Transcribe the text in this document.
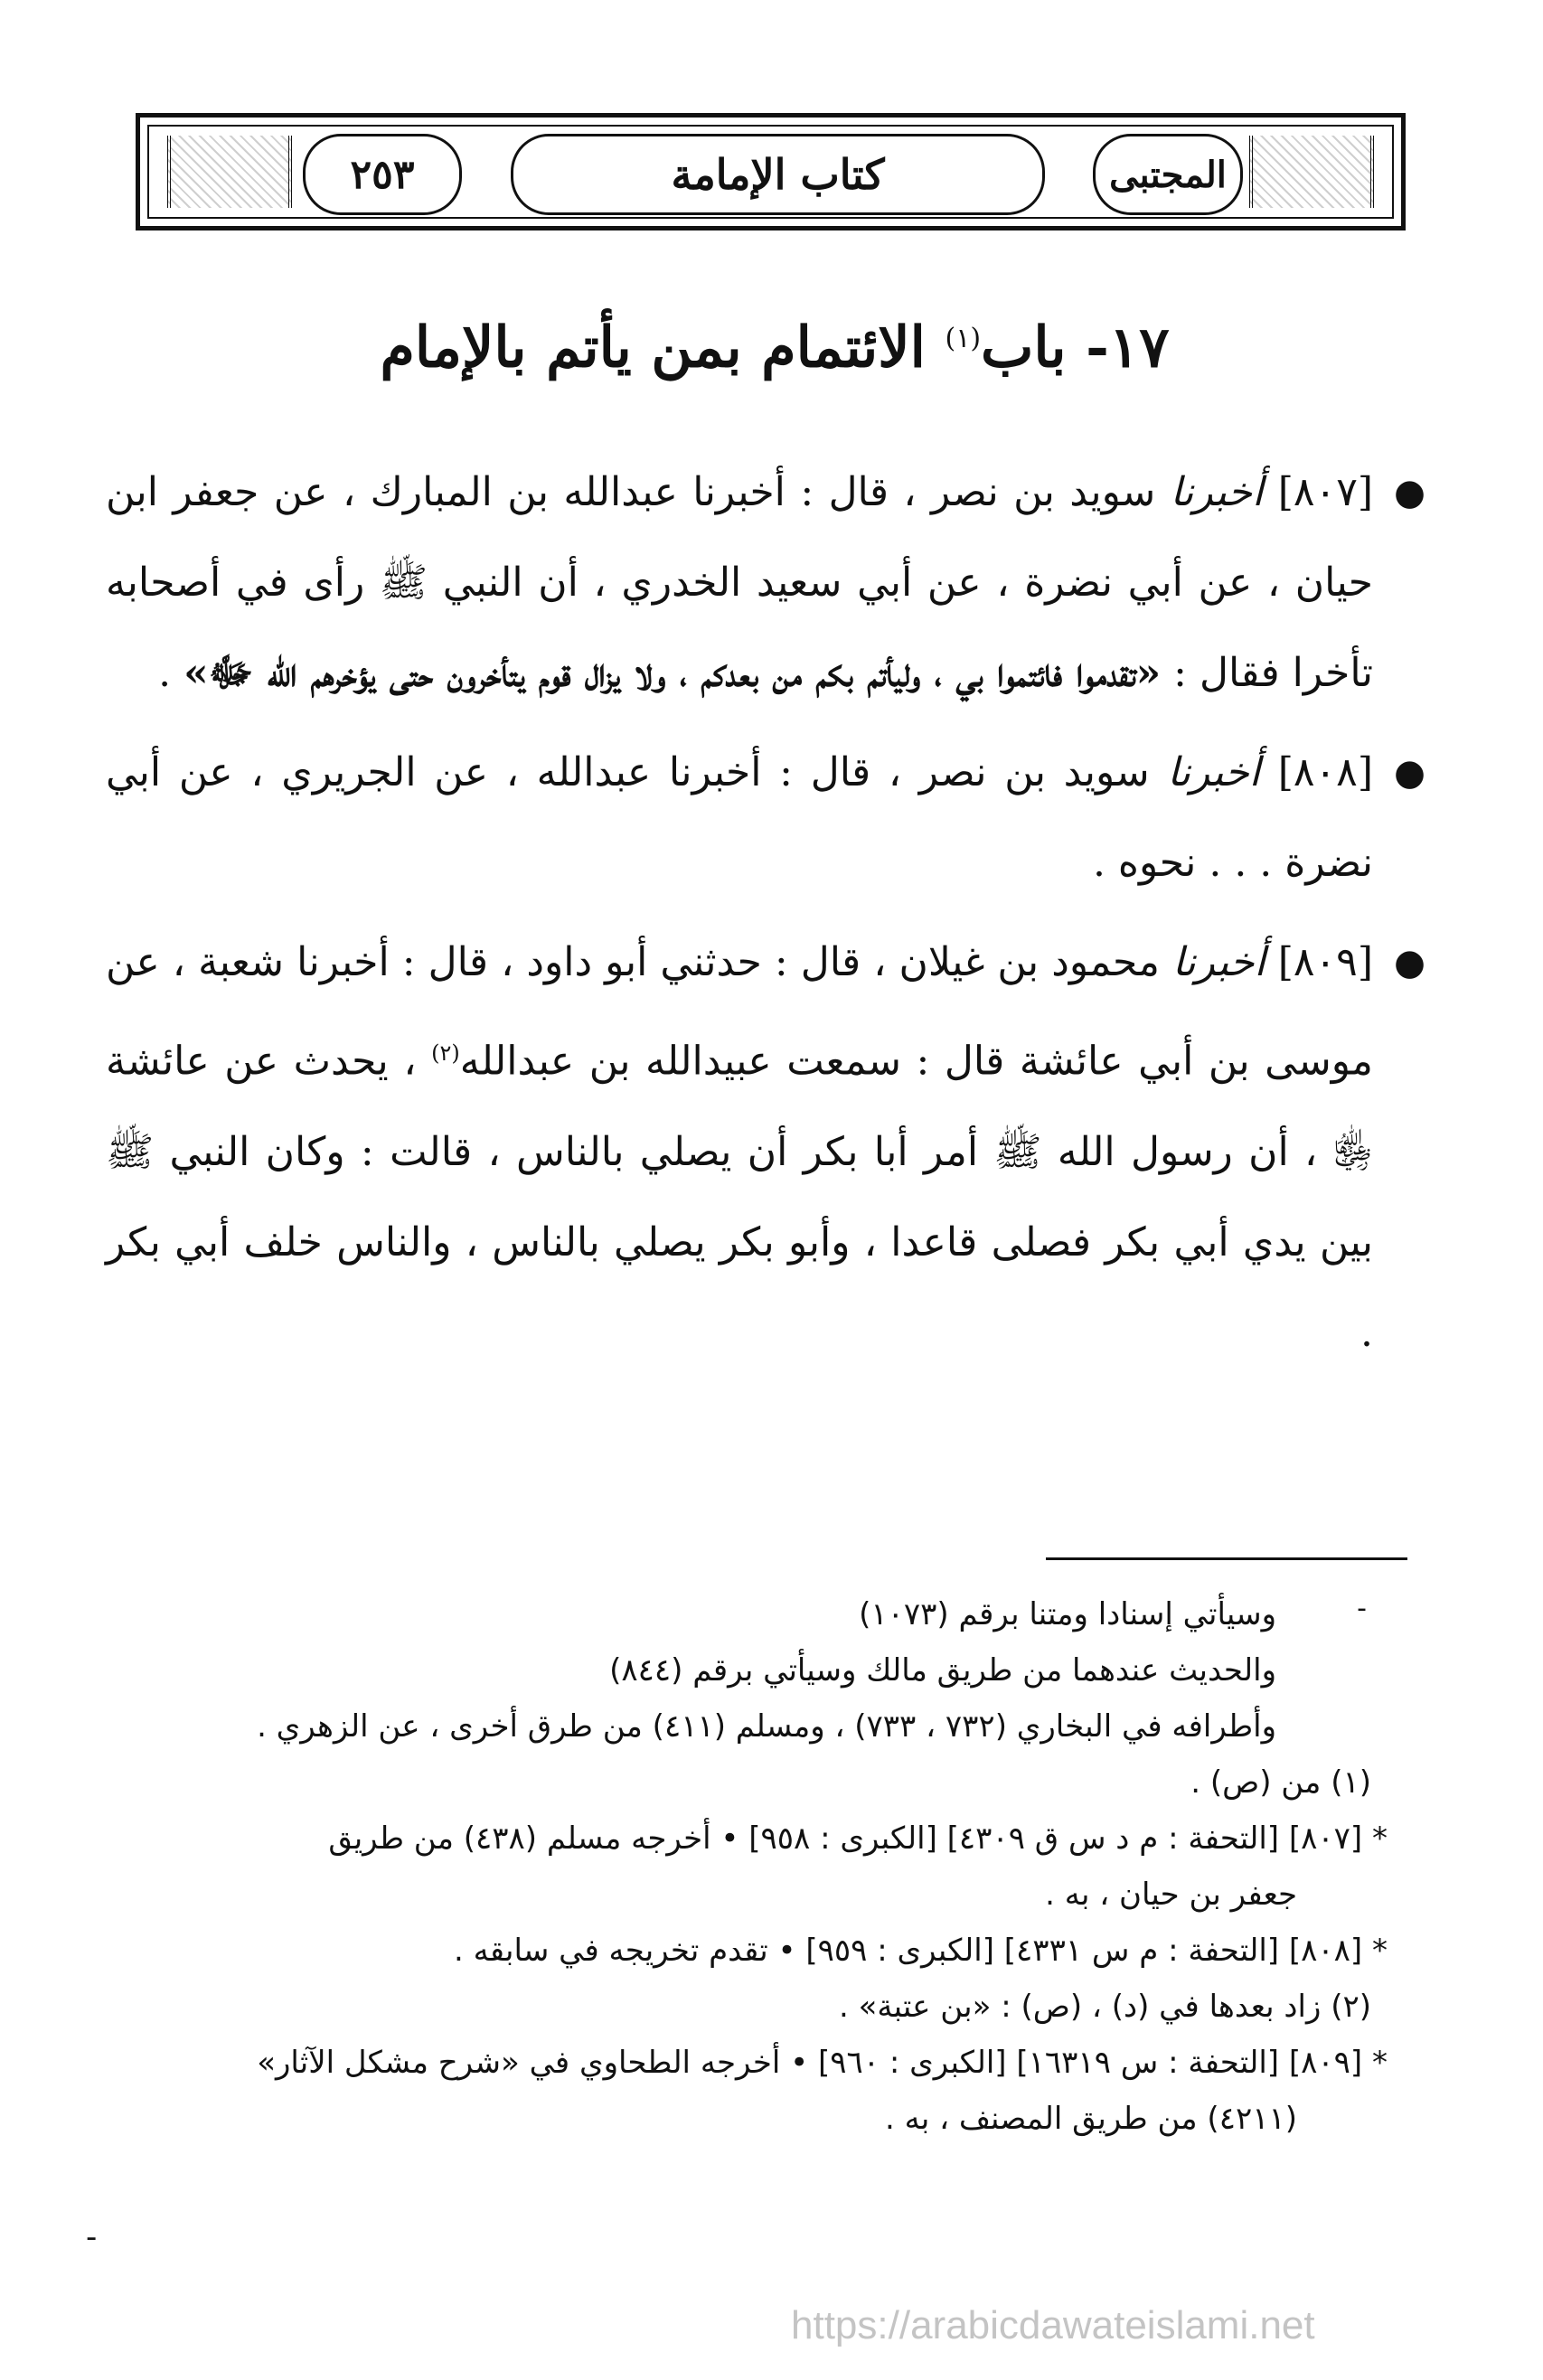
٢٥٣	كتاب الإمامة	المجتبى
١٧- باب$^{(١)}$ الائتمام بمن يأتم بالإمام

●
[٨٠٧] أخبرنا سويد بن نصر ، قال : أخبرنا عبدالله بن المبارك ، عن جعفر ابن حيان ، عن أبي نضرة ، عن أبي سعيد الخدري ، أن النبي ﷺ رأى في أصحابه تأخرا فقال : «تقدموا فائتموا بي ، وليأتم بكم من بعدكم ، ولا يزال قوم يتأخرون حتى يؤخرهم الله ﷻ» .

●
[٨٠٨] أخبرنا سويد بن نصر ، قال : أخبرنا عبدالله ، عن الجريري ، عن أبي نضرة . . . نحوه .

●
[٨٠٩] أخبرنا محمود بن غيلان ، قال : حدثني أبو داود ، قال : أخبرنا شعبة ، عن موسى بن أبي عائشة قال : سمعت عبيدالله بن عبدالله$^{(٢)}$ ، يحدث عن عائشة ﵂ ، أن رسول الله ﷺ أمر أبا بكر أن يصلي بالناس ، قالت : وكان النبي ﷺ بين يدي أبي بكر فصلى قاعدا ، وأبو بكر يصلي بالناس ، والناس خلف أبي بكر .

-

وسيأتي إسنادا ومتنا برقم (١٠٧٣)

والحديث عندهما من طريق مالك وسيأتي برقم (٨٤٤)

وأطرافه في البخاري (٧٣٢ ، ٧٣٣) ، ومسلم (٤١١) من طرق أخرى ، عن الزهري .

(١) من (ص) .

* [٨٠٧] [التحفة : م د س ق ٤٣٠٩] [الكبرى : ٩٥٨] • أخرجه مسلم (٤٣٨) من طريق
جعفر بن حيان ، به .

* [٨٠٨] [التحفة : م س ٤٣٣١] [الكبرى : ٩٥٩] • تقدم تخريجه في سابقه .

(٢) زاد بعدها في (د) ، (ص) : «بن عتبة» .

* [٨٠٩] [التحفة : س ١٦٣١٩] [الكبرى : ٩٦٠] • أخرجه الطحاوي في «شرح مشكل الآثار»
(٤٢١١) من طريق المصنف ، به .

-
https://arabicdawateislami.net
